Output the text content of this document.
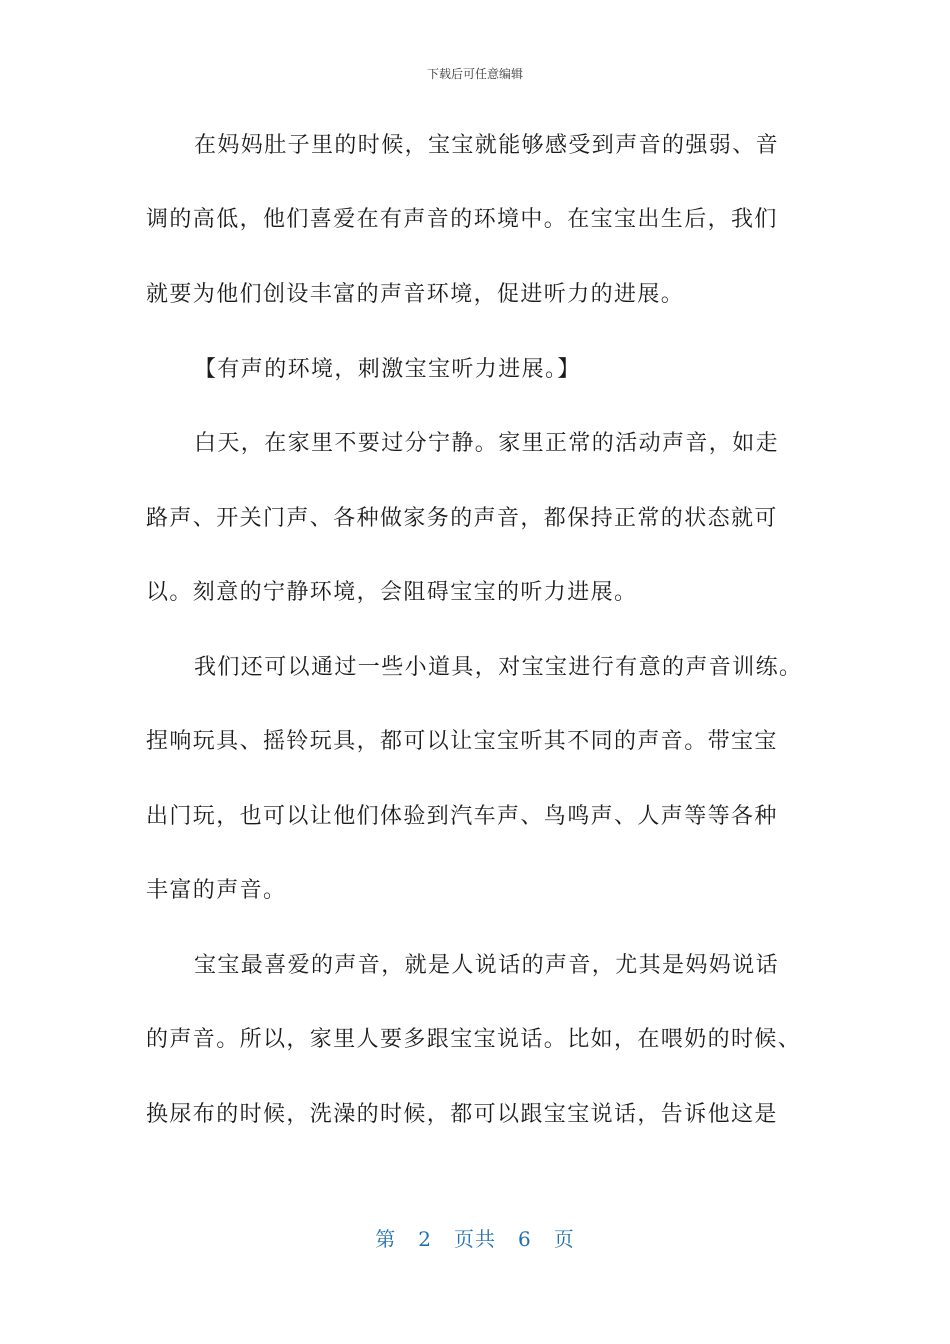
下载后可任意编辑
在妈妈肚子里的时候，宝宝就能够感受到声音的强弱、音
调的高低，他们喜爱在有声音的环境中。在宝宝出生后，我们
就要为他们创设丰富的声音环境，促进听力的进展。
【有声的环境，刺激宝宝听力进展。】
白天，在家里不要过分宁静。家里正常的活动声音，如走
路声、开关门声、各种做家务的声音，都保持正常的状态就可
以。刻意的宁静环境，会阻碍宝宝的听力进展。
我们还可以通过一些小道具，对宝宝进行有意的声音训练。
捏响玩具、摇铃玩具，都可以让宝宝听其不同的声音。带宝宝
出门玩，也可以让他们体验到汽车声、鸟鸣声、人声等等各种
丰富的声音。
宝宝最喜爱的声音，就是人说话的声音，尤其是妈妈说话
的声音。所以，家里人要多跟宝宝说话。比如，在喂奶的时候、
换尿布的时候，洗澡的时候，都可以跟宝宝说话，告诉他这是
第 2 页共 6 页
